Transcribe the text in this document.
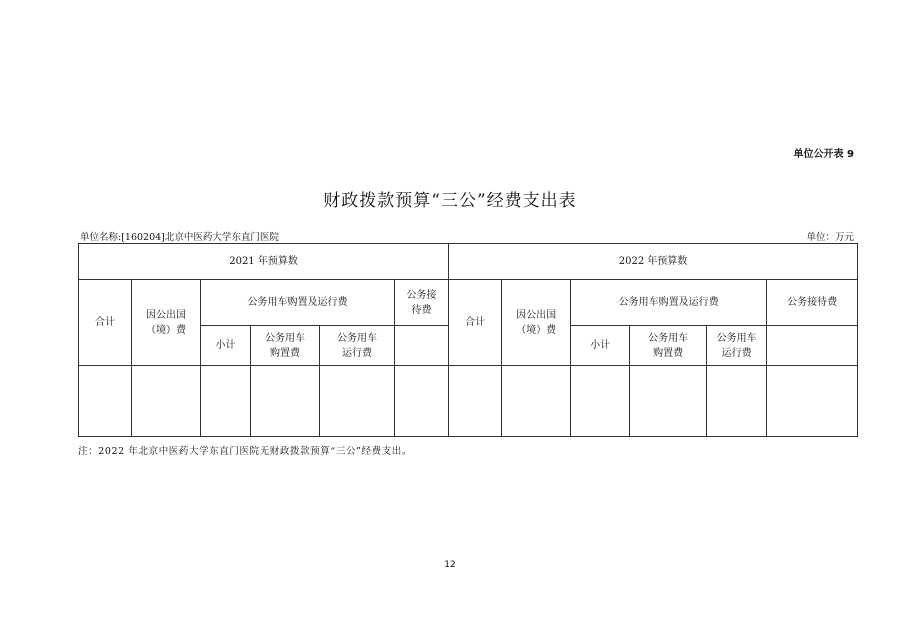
单位公开表 9
财政拨款预算“三公”经费支出表
单位名称:[160204]北京中医药大学东直门医院	单位：万元
2021 年预算数						2022 年预算数					
合计	因公出国（境）费	公务用车购置及运行费			公务接待费	合计	因公出国（境）费	公务用车购置及运行费			公务接待费
		小计	公务用车购置费	公务用车运行费				小计	公务用车购置费	公务用车运行费	

注：2022 年北京中医药大学东直门医院无财政拨款预算“三公”经费支出。
12
